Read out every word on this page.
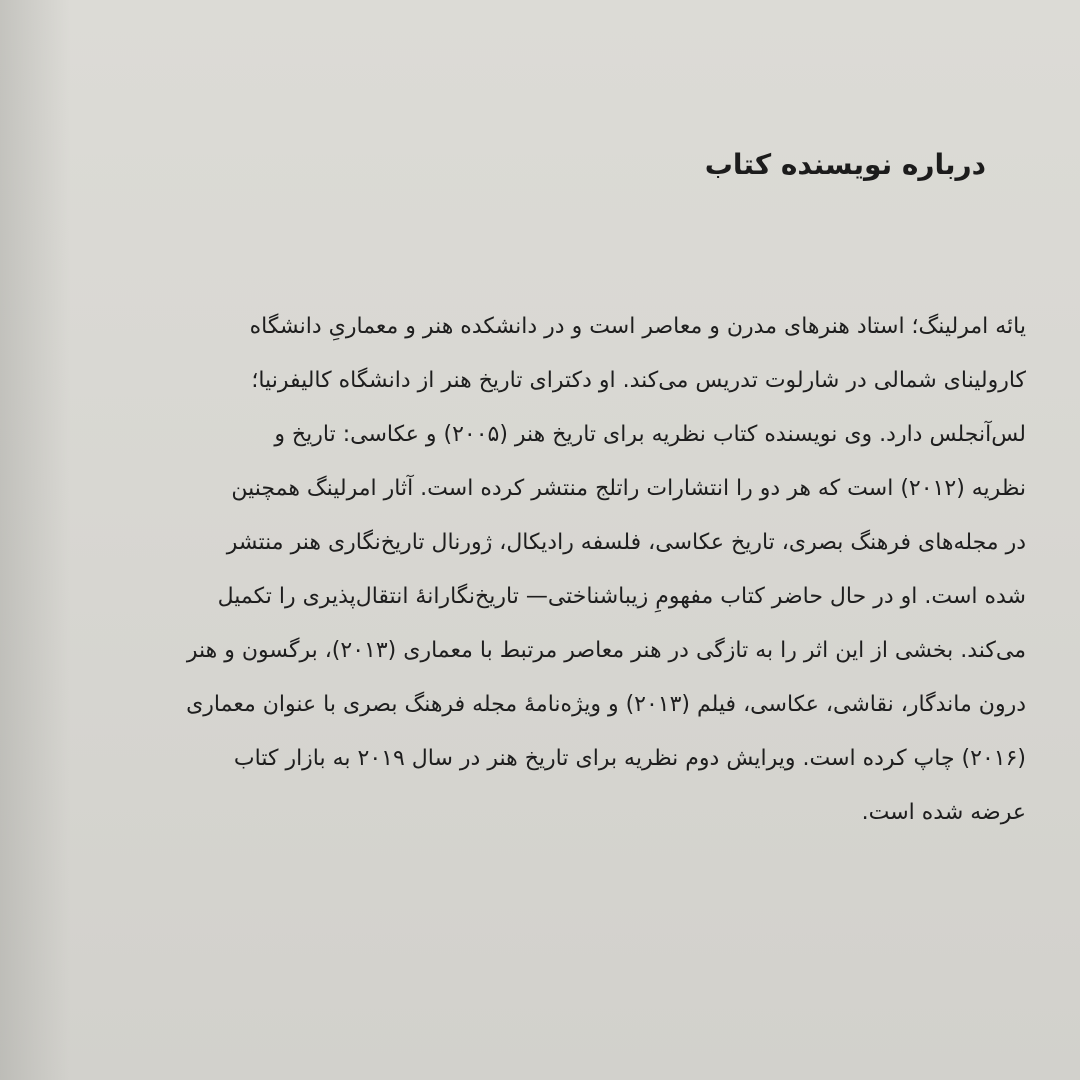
درباره نویسنده کتاب
یائه امرلینگ؛ استاد هنرهای مدرن و معاصر است و در دانشکده هنر و معماریِ دانشگاه
کارولینای شمالی در شارلوت تدریس می‌کند. او دکترای تاریخ هنر از دانشگاه کالیفرنیا؛
لس‌آنجلس دارد. وی نویسنده کتاب نظریه برای تاریخ هنر (۲۰۰۵) و عکاسی: تاریخ و
نظریه (۲۰۱۲) است که هر دو را انتشارات راتلج منتشر کرده است. آثار امرلینگ همچنین
در مجله‌های فرهنگ بصری، تاریخ عکاسی، فلسفه رادیکال، ژورنال تاریخ‌نگاری هنر منتشر
شده است. او در حال حاضر کتاب مفهومِ زیباشناختی— تاریخ‌نگارانهٔ انتقال‌پذیری را تکمیل
می‌کند. بخشی از این اثر را به تازگی در هنر معاصر مرتبط با معماری (۲۰۱۳)، برگسون و هنر
درون ماندگار، نقاشی، عکاسی، فیلم (۲۰۱۳) و ویژه‌نامهٔ مجله فرهنگ بصری با عنوان معماری
(۲۰۱۶) چاپ کرده است. ویرایش دوم نظریه برای تاریخ هنر در سال ۲۰۱۹ به بازار کتاب
عرضه شده است.
